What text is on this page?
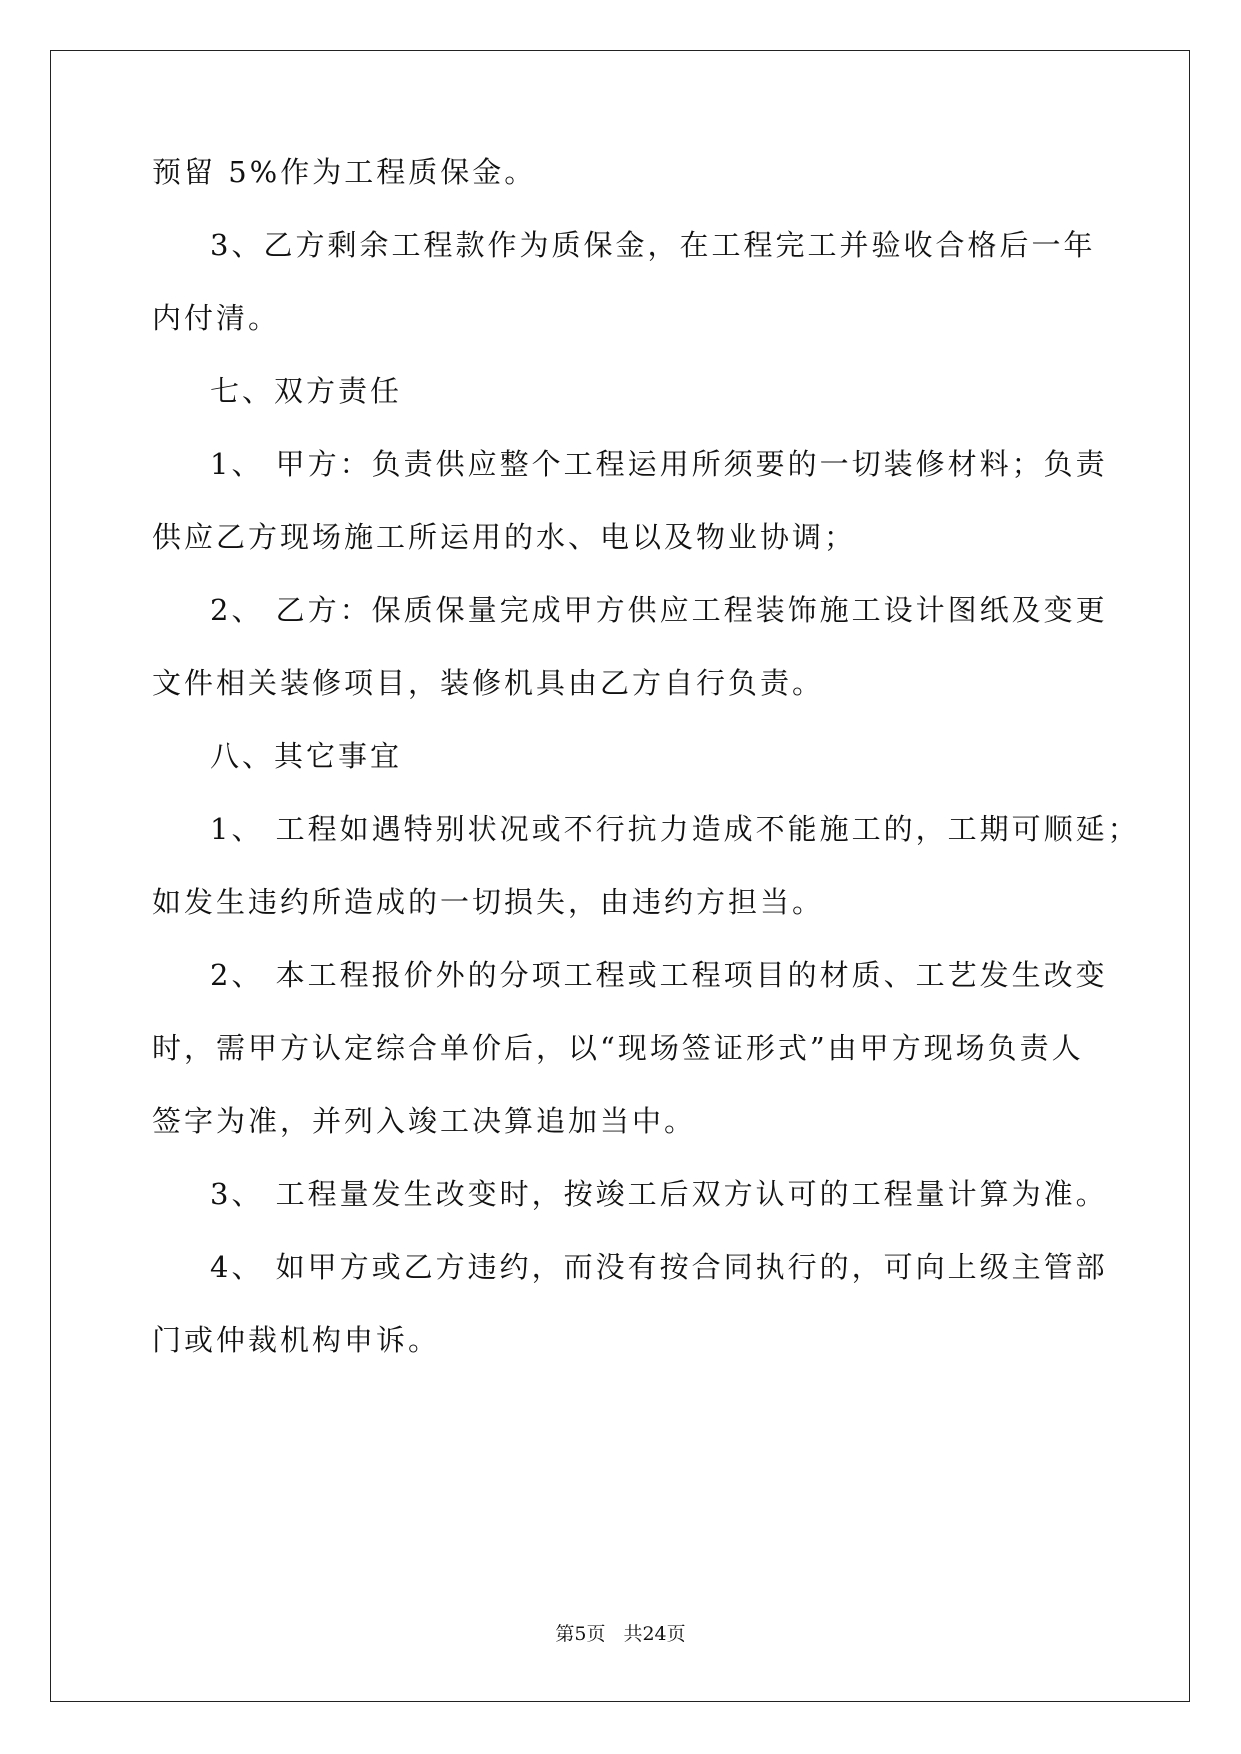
预留 5%作为工程质保金。
3、乙方剩余工程款作为质保金，在工程完工并验收合格后一年
内付清。
七、双方责任
1、 甲方：负责供应整个工程运用所须要的一切装修材料；负责
供应乙方现场施工所运用的水、电以及物业协调；
2、 乙方：保质保量完成甲方供应工程装饰施工设计图纸及变更
文件相关装修项目，装修机具由乙方自行负责。
八、其它事宜
1、 工程如遇特别状况或不行抗力造成不能施工的，工期可顺延；
如发生违约所造成的一切损失，由违约方担当。
2、 本工程报价外的分项工程或工程项目的材质、工艺发生改变
时，需甲方认定综合单价后，以“现场签证形式”由甲方现场负责人
签字为准，并列入竣工决算追加当中。
3、 工程量发生改变时，按竣工后双方认可的工程量计算为准。
4、 如甲方或乙方违约，而没有按合同执行的，可向上级主管部
门或仲裁机构申诉。
第5页 共24页
